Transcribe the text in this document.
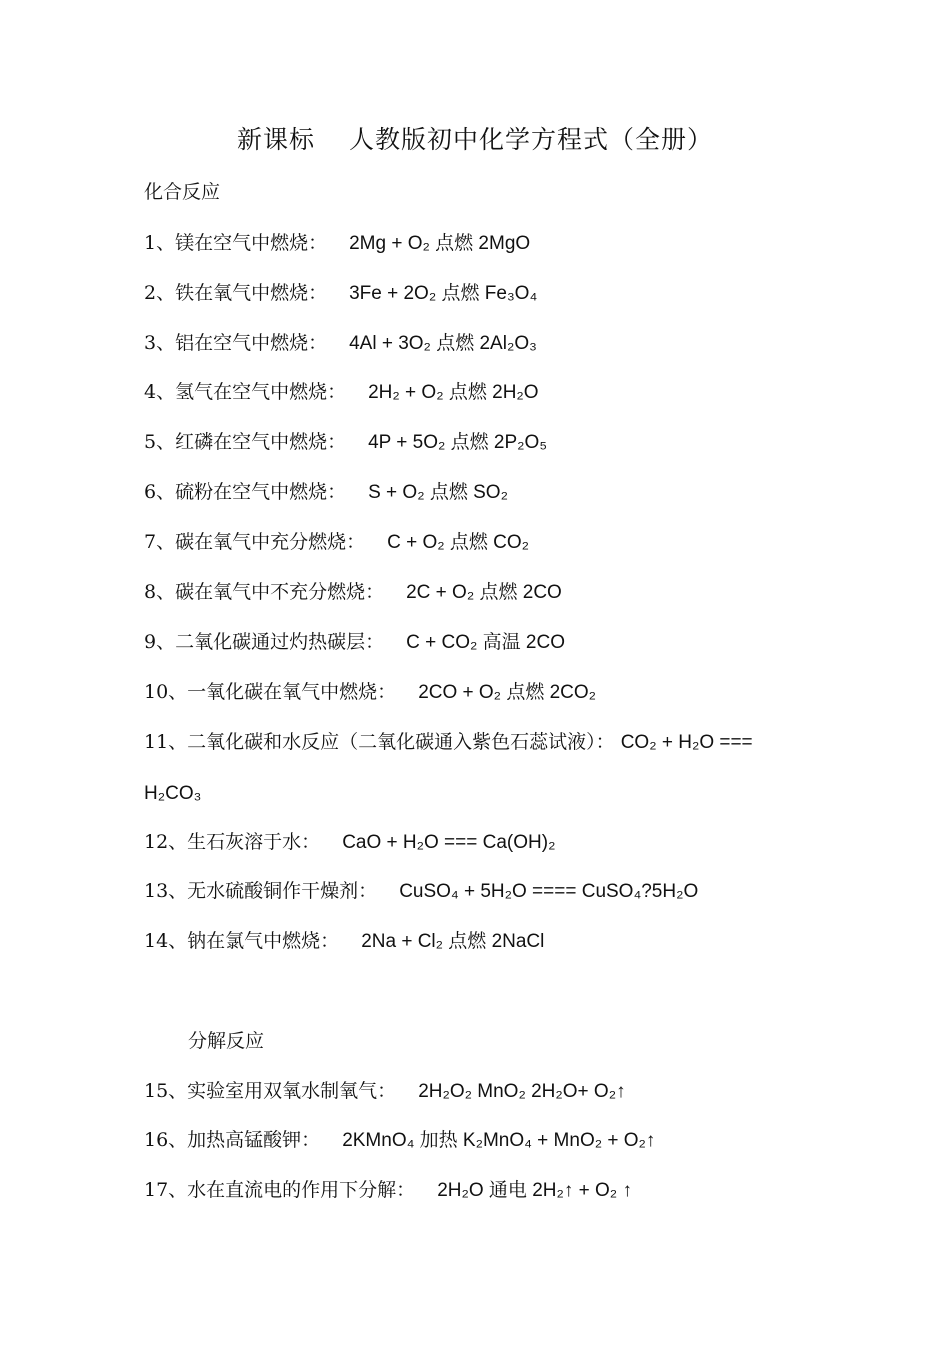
新课标 人教版初中化学方程式（全册）
化合反应
1、镁在空气中燃烧： 2Mg + O₂ 点燃 2MgO
2、铁在氧气中燃烧： 3Fe + 2O₂ 点燃 Fe₃O₄
3、铝在空气中燃烧： 4Al + 3O₂ 点燃 2Al₂O₃
4、氢气在空气中燃烧： 2H₂ + O₂ 点燃 2H₂O
5、红磷在空气中燃烧： 4P + 5O₂ 点燃 2P₂O₅
6、硫粉在空气中燃烧： S + O₂ 点燃 SO₂
7、碳在氧气中充分燃烧： C + O₂ 点燃 CO₂
8、碳在氧气中不充分燃烧： 2C + O₂ 点燃 2CO
9、二氧化碳通过灼热碳层： C + CO₂ 高温 2CO
10、一氧化碳在氧气中燃烧： 2CO + O₂ 点燃 2CO₂
11、二氧化碳和水反应（二氧化碳通入紫色石蕊试液）： CO₂ + H₂O ===
H₂CO₃
12、生石灰溶于水： CaO + H₂O === Ca(OH)₂
13、无水硫酸铜作干燥剂： CuSO₄ + 5H₂O ==== CuSO₄?5H₂O
14、钠在氯气中燃烧： 2Na + Cl₂ 点燃 2NaCl
分解反应
15、实验室用双氧水制氧气： 2H₂O₂ MnO₂ 2H₂O+ O₂↑
16、加热高锰酸钾： 2KMnO₄ 加热 K₂MnO₄ + MnO₂ + O₂↑
17、水在直流电的作用下分解： 2H₂O 通电 2H₂↑ + O₂ ↑
